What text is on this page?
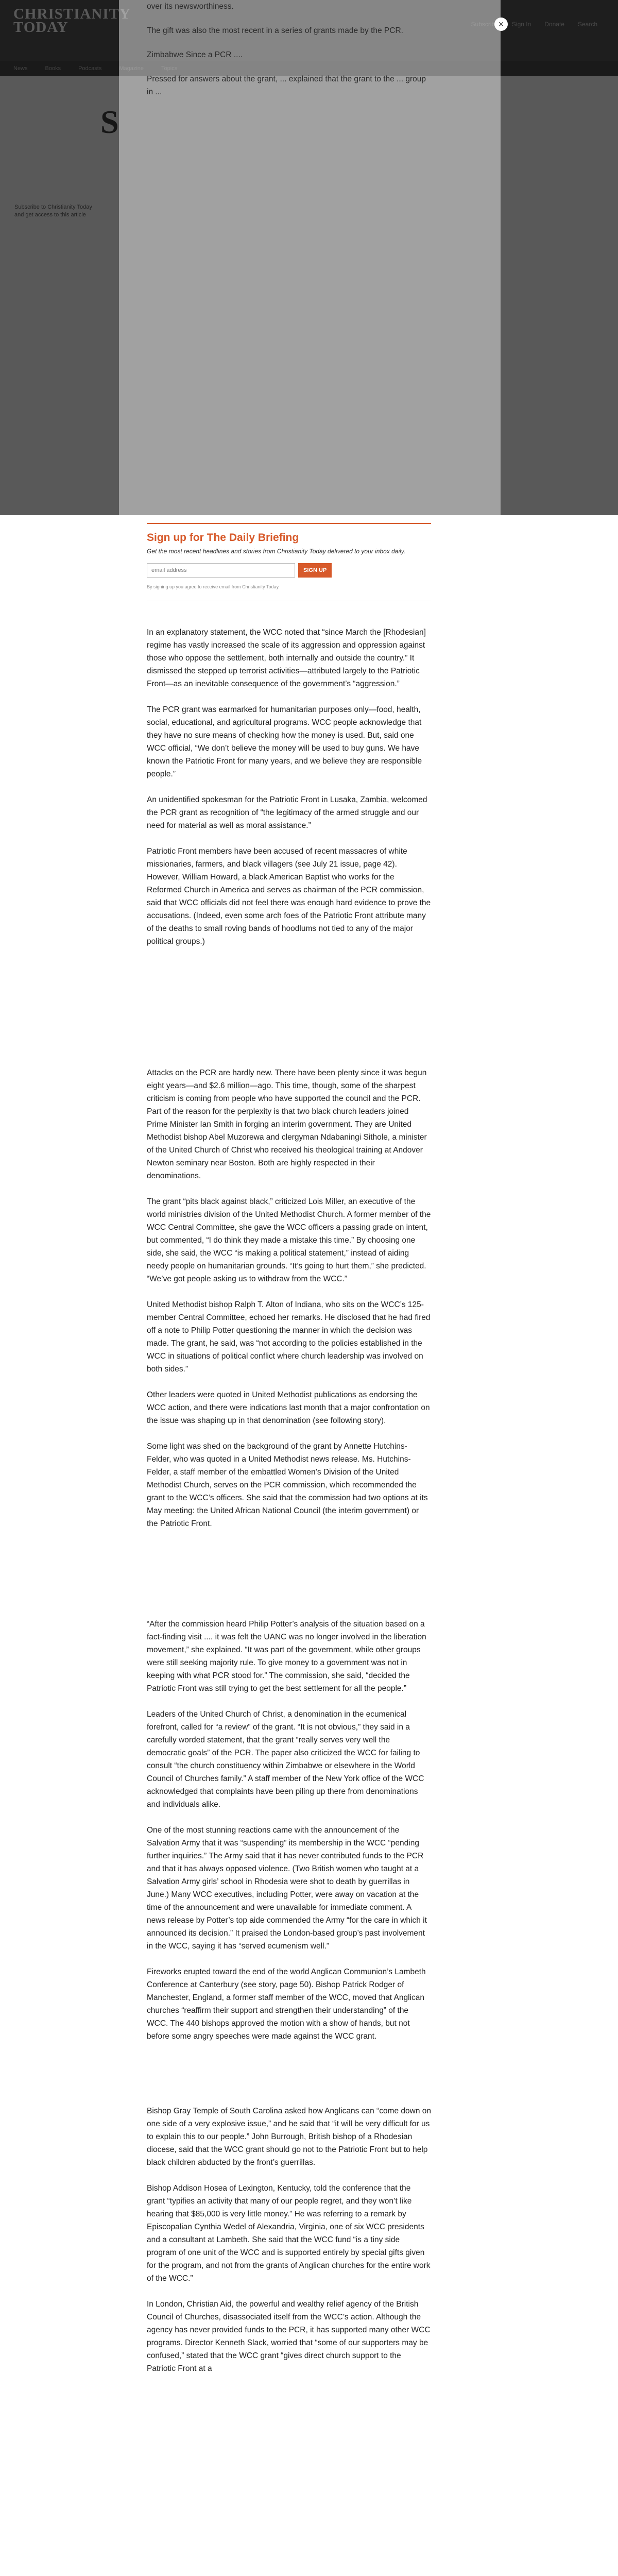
over its newsworthiness.

The gift was also the most recent in a series of grants made by the PCR.

Zimbabwe Since a PCR ....

Pressed for answers about the grant, ... explained that the grant to the ... group in ...

×
Sign up for The Daily Briefing
Get the most recent headlines and stories from Christianity Today delivered to your inbox daily.
email address
SIGN UP
By signing up you agree to receive email from Christianity Today.

In an explanatory statement, the WCC noted that “since March the [Rhodesian] regime has vastly increased the scale of its aggression and oppression against those who oppose the settlement, both internally and outside the country.” It dismissed the stepped up terrorist activities—attributed largely to the Patriotic Front—as an inevitable consequence of the government’s “aggression.”

The PCR grant was earmarked for humanitarian purposes only—food, health, social, educational, and agricultural programs. WCC people acknowledge that they have no sure means of checking how the money is used. But, said one WCC official, “We don’t believe the money will be used to buy guns. We have known the Patriotic Front for many years, and we believe they are responsible people.”

An unidentified spokesman for the Patriotic Front in Lusaka, Zambia, welcomed the PCR grant as recognition of “the legitimacy of the armed struggle and our need for material as well as moral assistance.”

Patriotic Front members have been accused of recent massacres of white missionaries, farmers, and black villagers (see July 21 issue, page 42). However, William Howard, a black American Baptist who works for the Reformed Church in America and serves as chairman of the PCR commission, said that WCC officials did not feel there was enough hard evidence to prove the accusations. (Indeed, even some arch foes of the Patriotic Front attribute many of the deaths to small roving bands of hoodlums not tied to any of the major political groups.)

Attacks on the PCR are hardly new. There have been plenty since it was begun eight years—and $2.6 million—ago. This time, though, some of the sharpest criticism is coming from people who have supported the council and the PCR. Part of the reason for the perplexity is that two black church leaders joined Prime Minister Ian Smith in forging an interim government. They are United Methodist bishop Abel Muzorewa and clergyman Ndabaningi Sithole, a minister of the United Church of Christ who received his theological training at Andover Newton seminary near Boston. Both are highly respected in their denominations.

The grant “pits black against black,” criticized Lois Miller, an executive of the world ministries division of the United Methodist Church. A former member of the WCC Central Committee, she gave the WCC officers a passing grade on intent, but commented, “I do think they made a mistake this time.” By choosing one side, she said, the WCC “is making a political statement,” instead of aiding needy people on humanitarian grounds. “It’s going to hurt them,” she predicted. “We’ve got people asking us to withdraw from the WCC.”

United Methodist bishop Ralph T. Alton of Indiana, who sits on the WCC’s 125-member Central Committee, echoed her remarks. He disclosed that he had fired off a note to Philip Potter questioning the manner in which the decision was made. The grant, he said, was “not according to the policies established in the WCC in situations of political conflict where church leadership was involved on both sides.”

Other leaders were quoted in United Methodist publications as endorsing the WCC action, and there were indications last month that a major confrontation on the issue was shaping up in that denomination (see following story).

Some light was shed on the background of the grant by Annette Hutchins-Felder, who was quoted in a United Methodist news release. Ms. Hutchins-Felder, a staff member of the embattled Women’s Division of the United Methodist Church, serves on the PCR commission, which recommended the grant to the WCC’s officers. She said that the commission had two options at its May meeting: the United African National Council (the interim government) or the Patriotic Front.

“After the commission heard Philip Potter’s analysis of the situation based on a fact-finding visit .... it was felt the UANC was no longer involved in the liberation movement,” she explained. “It was part of the government, while other groups were still seeking majority rule. To give money to a government was not in keeping with what PCR stood for.” The commission, she said, “decided the Patriotic Front was still trying to get the best settlement for all the people.”

Leaders of the United Church of Christ, a denomination in the ecumenical forefront, called for “a review” of the grant. “It is not obvious,” they said in a carefully worded statement, that the grant “really serves very well the democratic goals” of the PCR. The paper also criticized the WCC for failing to consult “the church constituency within Zimbabwe or elsewhere in the World Council of Churches family.” A staff member of the New York office of the WCC acknowledged that complaints have been piling up there from denominations and individuals alike.

One of the most stunning reactions came with the announcement of the Salvation Army that it was “suspending” its membership in the WCC “pending further inquiries.” The Army said that it has never contributed funds to the PCR and that it has always opposed violence. (Two British women who taught at a Salvation Army girls’ school in Rhodesia were shot to death by guerrillas in June.) Many WCC executives, including Potter, were away on vacation at the time of the announcement and were unavailable for immediate comment. A news release by Potter’s top aide commended the Army “for the care in which it announced its decision.” It praised the London-based group’s past involvement in the WCC, saying it has “served ecumenism well.”

Fireworks erupted toward the end of the world Anglican Communion’s Lambeth Conference at Canterbury (see story, page 50). Bishop Patrick Rodger of Manchester, England, a former staff member of the WCC, moved that Anglican churches “reaffirm their support and strengthen their understanding” of the WCC. The 440 bishops approved the motion with a show of hands, but not before some angry speeches were made against the WCC grant.

Bishop Gray Temple of South Carolina asked how Anglicans can “come down on one side of a very explosive issue,” and he said that “it will be very difficult for us to explain this to our people.” John Burrough, British bishop of a Rhodesian diocese, said that the WCC grant should go not to the Patriotic Front but to help black children abducted by the front’s guerrillas.

Bishop Addison Hosea of Lexington, Kentucky, told the conference that the grant “typifies an activity that many of our people regret, and they won’t like hearing that $85,000 is very little money.” He was referring to a remark by Episcopalian Cynthia Wedel of Alexandria, Virginia, one of six WCC presidents and a consultant at Lambeth. She said that the WCC fund “is a tiny side program of one unit of the WCC and is supported entirely by special gifts given for the program, and not from the grants of Anglican churches for the entire work of the WCC.”

In London, Christian Aid, the powerful and wealthy relief agency of the British Council of Churches, disassociated itself from the WCC’s action. Although the agency has never provided funds to the PCR, it has supported many other WCC programs. Director Kenneth Slack, worried that “some of our supporters may be confused,” stated that the WCC grant “gives direct church support to the Patriotic Front at a
